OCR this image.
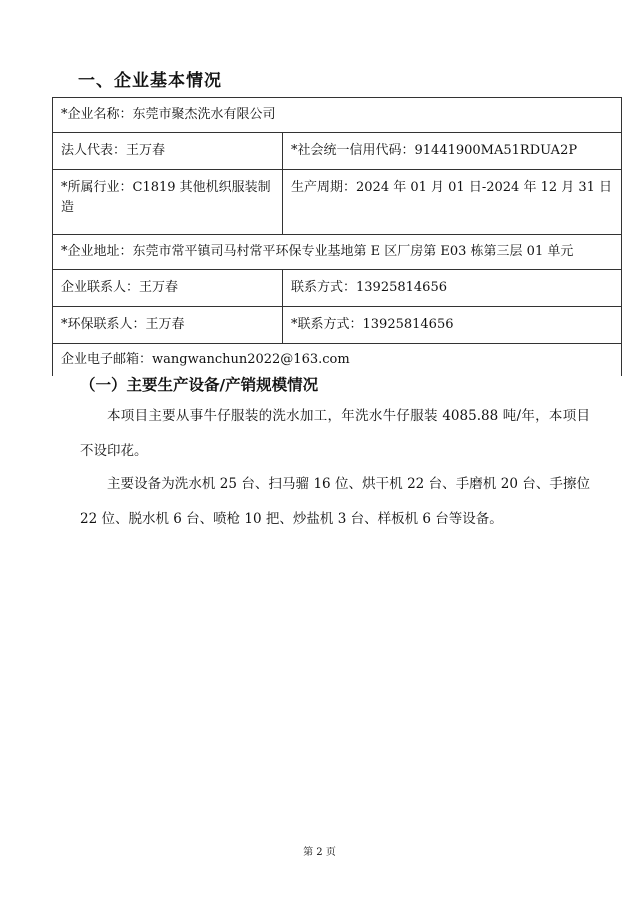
一、企业基本情况
*企业名称：东莞市聚杰洗水有限公司	
法人代表：王万春	*社会统一信用代码：91441900MA51RDUA2P
*所属行业：C1819 其他机织服装制造	生产周期：2024 年 01 月 01 日-2024 年 12 月 31 日
*企业地址：东莞市常平镇司马村常平环保专业基地第 E 区厂房第 E03 栋第三层 01 单元	
企业联系人：王万春	联系方式：13925814656
*环保联系人：王万春	*联系方式：13925814656
企业电子邮箱：wangwanchun2022@163.com	
（一）主要生产设备/产销规模情况
本项目主要从事牛仔服装的洗水加工，年洗水牛仔服装 4085.88 吨/年，本项目不设印花。
主要设备为洗水机 25 台、扫马骝 16 位、烘干机 22 台、手磨机 20 台、手擦位 22 位、脱水机 6 台、喷枪 10 把、炒盐机 3 台、样板机 6 台等设备。
第 2 页
